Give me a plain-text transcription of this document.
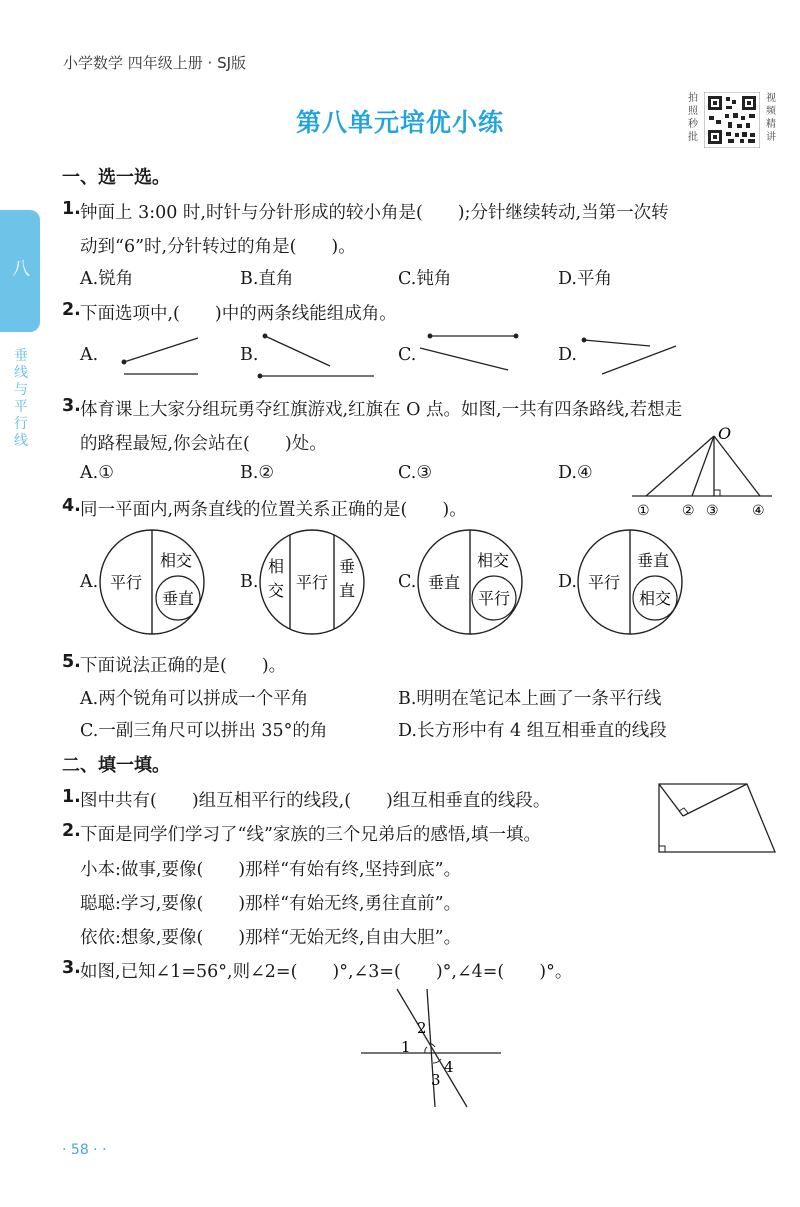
小学数学 四年级上册 · SJ版
第八单元培优小练
拍照秒批
视频精讲
八
垂线与平行线
一、选一选。
1. 钟面上 3:00 时,时针与分针形成的较小角是(　　);分针继续转动,当第一次转
动到“6”时,分针转过的角是(　　)。
A.锐角	B.直角	C.钝角	D.平角
2. 下面选项中,(　　)中的两条线能组成角。
A.	B.	C.	D.
3. 体育课上大家分组玩勇夺红旗游戏,红旗在 O 点。如图,一共有四条路线,若想走
的路程最短,你会站在(　　)处。
A.①	B.②	C.③	D.④
O
① ② ③ ④
4. 同一平面内,两条直线的位置关系正确的是(　　)。
A.	B.	C.	D.
平行
相交
垂直
相
交 平行
垂
直	垂直
相交
平行
平行
垂直
相交
5. 下面说法正确的是(　　)。
A.两个锐角可以拼成一个平角	B.明明在笔记本上画了一条平行线
C.一副三角尺可以拼出 35°的角	D.长方形中有 4 组互相垂直的线段
二、填一填。
1. 图中共有(　　)组互相平行的线段,(　　)组互相垂直的线段。
2. 下面是同学们学习了“线”家族的三个兄弟后的感悟,填一填。
小本:做事,要像(　　)那样“有始有终,坚持到底”。
聪聪:学习,要像(　　)那样“有始无终,勇往直前”。
依依:想象,要像(　　)那样“无始无终,自由大胆”。
3. 如图,已知∠1=56°,则∠2=(　　)°,∠3=(　　)°,∠4=(　　)°。
1
2
3
4
· 58 · ·
